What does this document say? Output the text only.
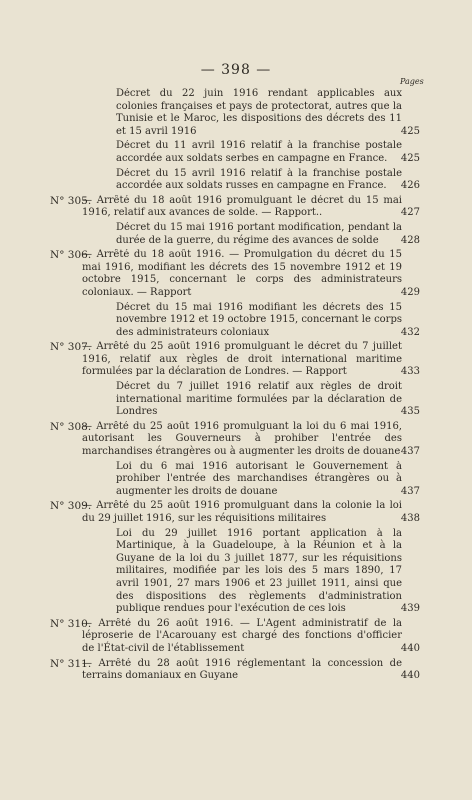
— 398 —
Pages
Décret du 22 juin 1916 rendant applicables aux colonies françaises et pays de protectorat, autres que la Tunisie et le Maroc, les dispositions des décrets des 11 et 15 avril 1916	425
Décret du 11 avril 1916 relatif à la franchise postale accordée aux soldats serbes en campagne en France.	425
Décret du 15 avril 1916 relatif à la franchise postale accordée aux soldats russes en campagne en France.	426
N° 305.
— Arrêté du 18 août 1916 promulguant le décret du 15 mai 1916, relatif aux avances de solde. — Rapport..	427
Décret du 15 mai 1916 portant modification, pendant la durée de la guerre, du régime des avances de solde	428
N° 306.
— Arrêté du 18 août 1916. — Promulgation du décret du 15 mai 1916, modifiant les décrets des 15 novembre 1912 et 19 octobre 1915, concernant le corps des administrateurs coloniaux. — Rapport	429
Décret du 15 mai 1916 modifiant les décrets des 15 novembre 1912 et 19 octobre 1915, concernant le corps des administrateurs coloniaux	432
N° 307.
— Arrêté du 25 août 1916 promulguant le décret du 7 juillet 1916, relatif aux règles de droit international maritime formulées par la déclaration de Londres. — Rapport	433
Décret du 7 juillet 1916 relatif aux règles de droit international maritime formulées par la déclaration de Londres	435
N° 308.
— Arrêté du 25 août 1916 promulguant la loi du 6 mai 1916, autorisant les Gouverneurs à prohiber l'entrée des marchandises étrangères ou à augmenter les droits de douane 437
Loi du 6 mai 1916 autorisant le Gouvernement à prohiber l'entrée des marchandises étrangères ou à augmenter les droits de douane	437
N° 309.
— Arrêté du 25 août 1916 promulguant dans la colonie la loi du 29 juillet 1916, sur les réquisitions militaires	438
Loi du 29 juillet 1916 portant application à la Martinique, à la Guadeloupe, à la Réunion et à la Guyane de la loi du 3 juillet 1877, sur les réquisitions militaires, modifiée par les lois des 5 mars 1890, 17 avril 1901, 27 mars 1906 et 23 juillet 1911, ainsi que des dispositions des règlements d'administration publique rendues pour l'exécution de ces lois	439
N° 310.
— Arrêté du 26 août 1916. — L'Agent administratif de la léproserie de l'Acarouany est chargé des fonctions d'officier de l'État-civil de l'établissement	440
N° 311.
— Arrêté du 28 août 1916 réglementant la concession de terrains domaniaux en Guyane	440
